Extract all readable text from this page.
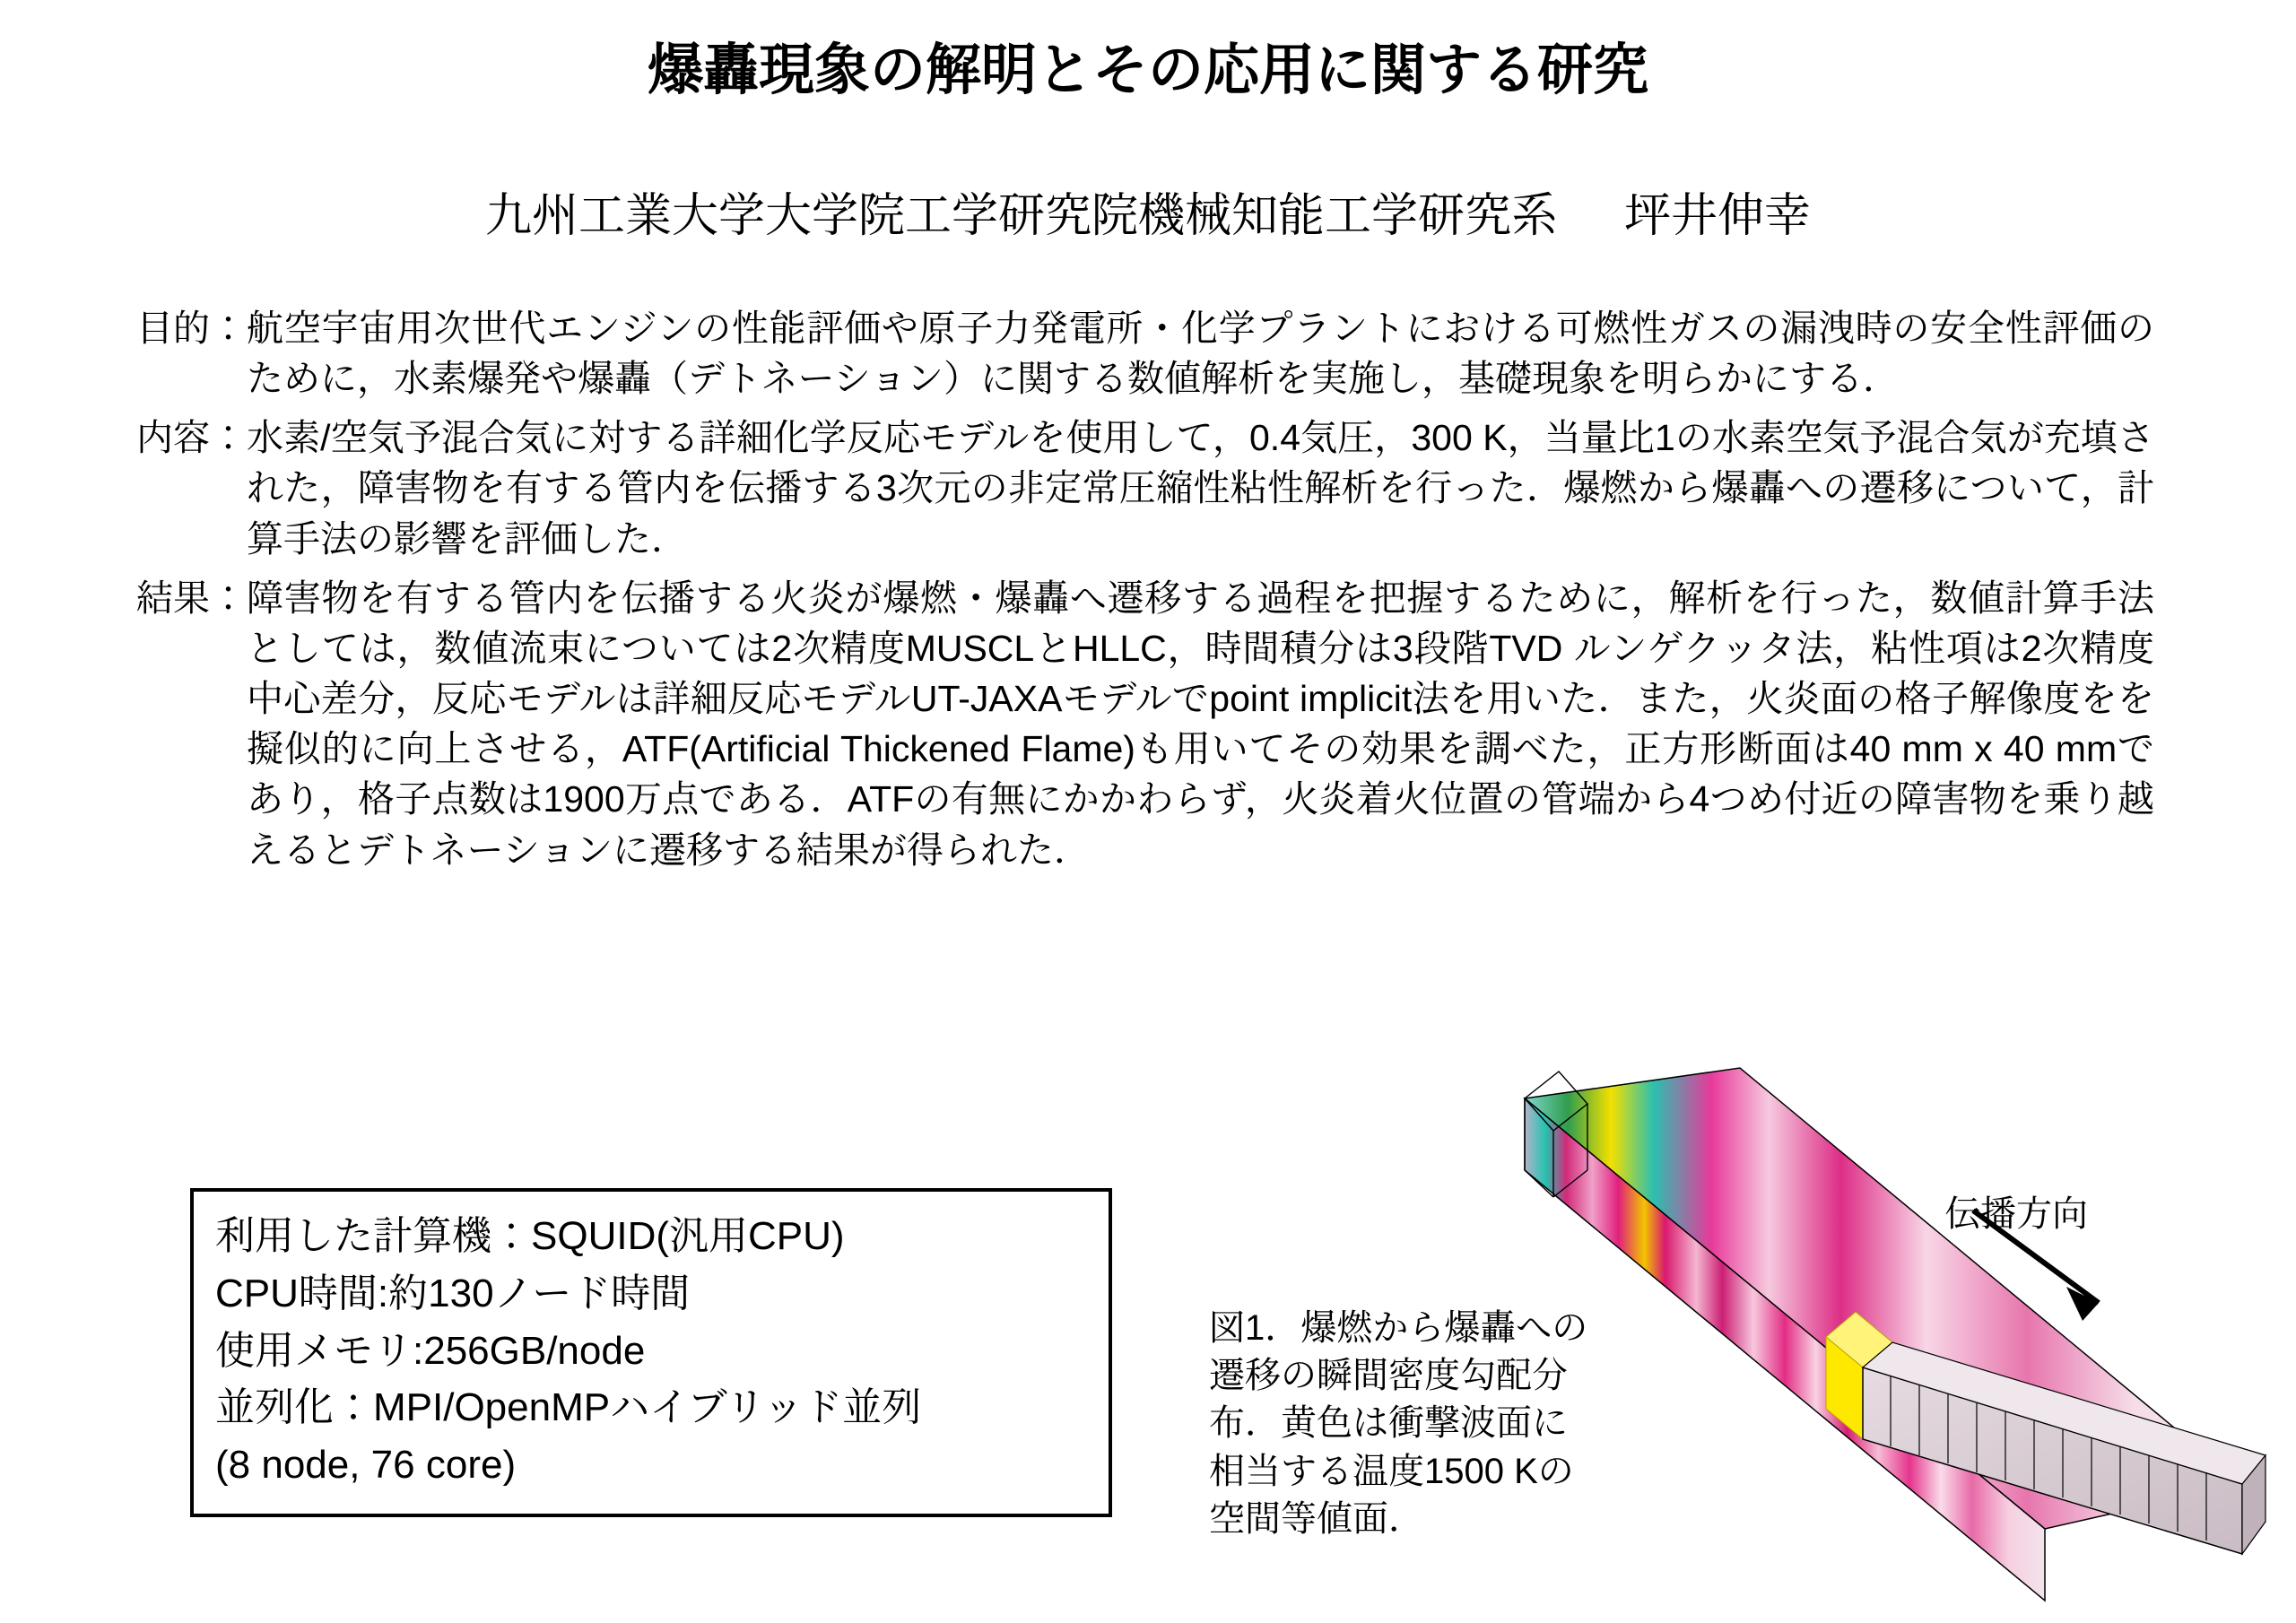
爆轟現象の解明とその応用に関する研究
九州工業大学大学院工学研究院機械知能工学研究系 坪井伸幸
目的： 航空宇宙用次世代エンジンの性能評価や原子力発電所・化学プラントにおける可燃性ガスの漏洩時の安全性評価のために，水素爆発や爆轟（デトネーション）に関する数値解析を実施し，基礎現象を明らかにする．
内容： 水素/空気予混合気に対する詳細化学反応モデルを使用して，0.4気圧，300 K，当量比1の水素空気予混合気が充填された，障害物を有する管内を伝播する3次元の非定常圧縮性粘性解析を行った．爆燃から爆轟への遷移について，計算手法の影響を評価した．
結果： 障害物を有する管内を伝播する火炎が爆燃・爆轟へ遷移する過程を把握するために，解析を行った，数値計算手法としては，数値流束については2次精度MUSCLとHLLC，時間積分は3段階TVD ルンゲクッタ法，粘性項は2次精度中心差分，反応モデルは詳細反応モデルUT-JAXAモデルでpoint implicit法を用いた．また，火炎面の格子解像度をを擬似的に向上させる，ATF(Artificial Thickened Flame)も用いてその効果を調べた，正方形断面は40 mm x 40 mmであり，格子点数は1900万点である．ATFの有無にかかわらず，火炎着火位置の管端から4つめ付近の障害物を乗り越えるとデトネーションに遷移する結果が得られた．
利用した計算機：SQUID(汎用CPU)
CPU時間:約130ノード時間
使用メモリ:256GB/node
並列化：MPI/OpenMPハイブリッド並列
(8 node, 76 core)
図1．爆燃から爆轟への
遷移の瞬間密度勾配分
布．黄色は衝撃波面に
相当する温度1500 Kの
空間等値面．
伝播方向
